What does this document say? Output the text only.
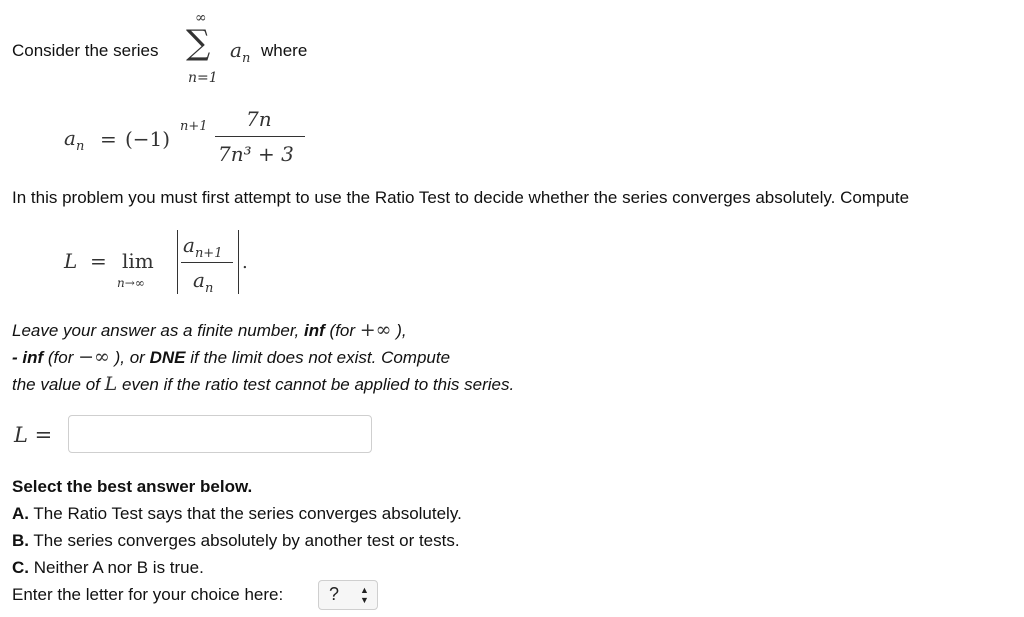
Consider the series
∞
∑
n=1
$a_n$ where
$a_n = (-1)$
n+1 7n
7n³ + 3
In this problem you must first attempt to use the Ratio Test to decide whether the series converges absolutely. Compute
L = lim
n→∞
$a_{n+1}$
$a_n$
.
Leave your answer as a finite number, inf (for +∞ ),
- inf (for −∞ ), or DNE if the limit does not exist. Compute
the value of L even if the ratio test cannot be applied to this series.
L =
Select the best answer below.
A. The Ratio Test says that the series converges absolutely.
B. The series converges absolutely by another test or tests.
C. Neither A nor B is true.
Enter the letter for your choice here:	? ▲
▼
